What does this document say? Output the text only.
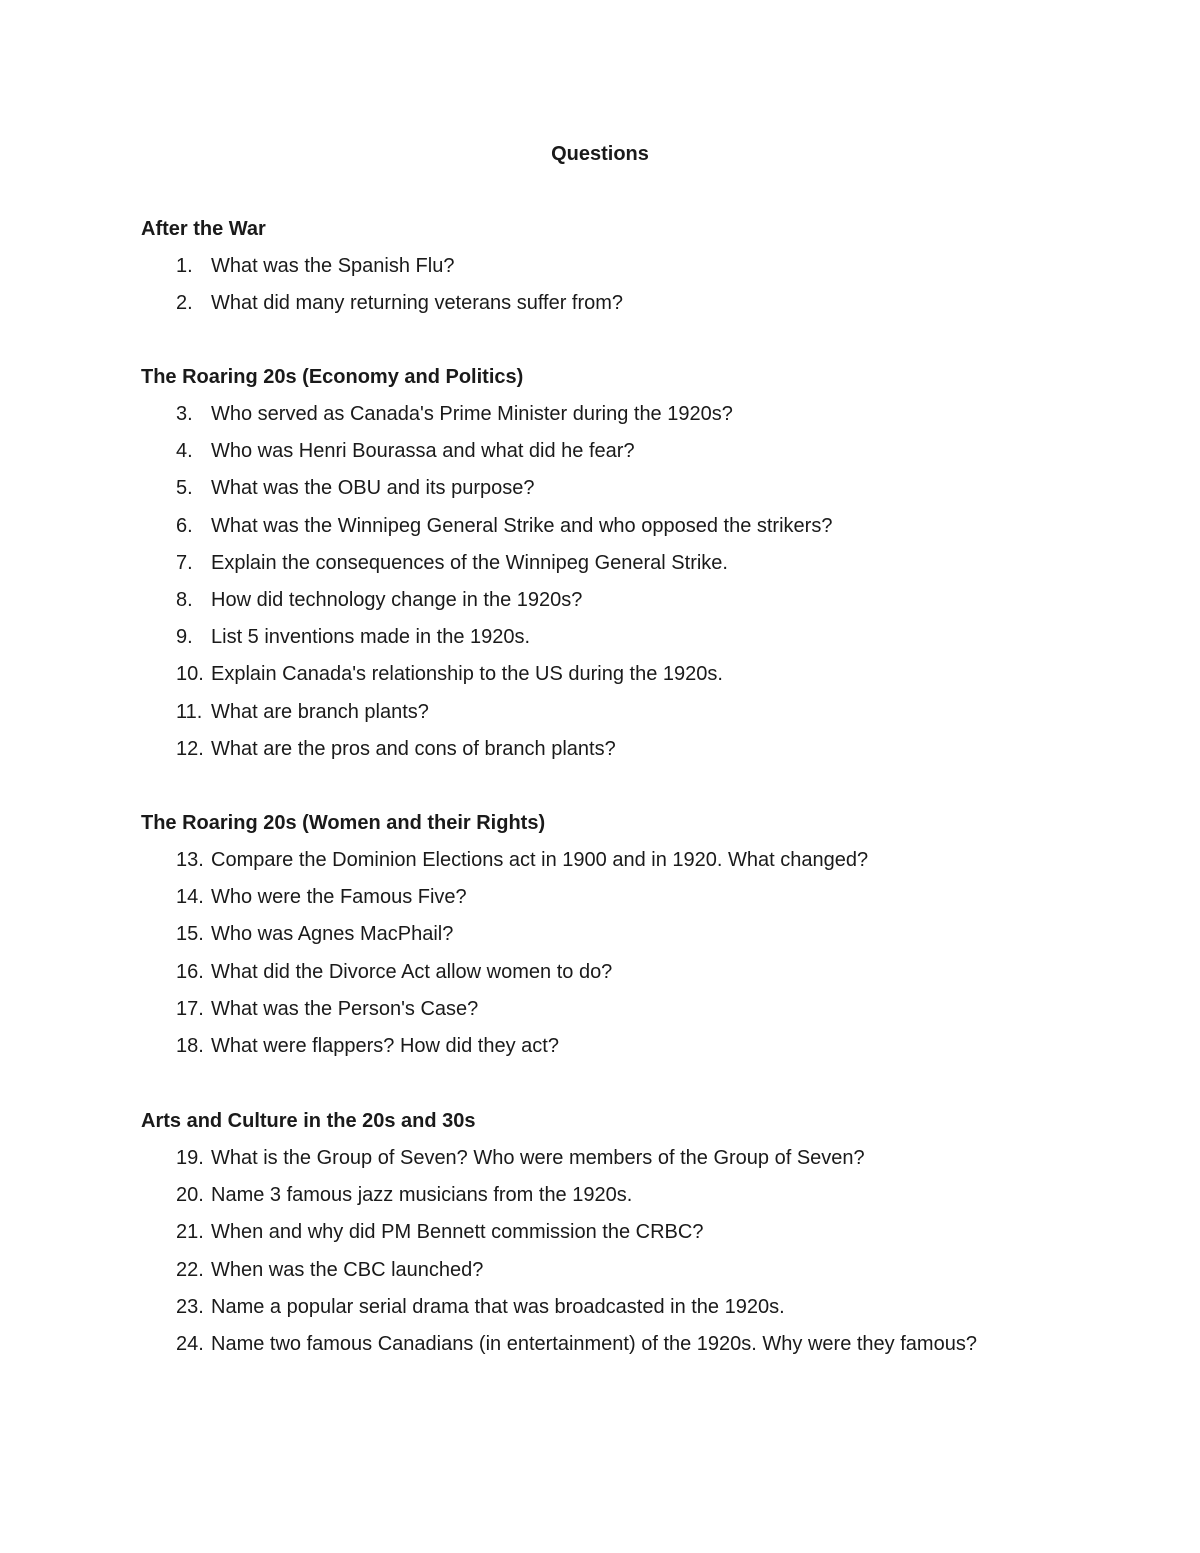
Questions
After the War
1. What was the Spanish Flu?
2. What did many returning veterans suffer from?
The Roaring 20s (Economy and Politics)
3. Who served as Canada's Prime Minister during the 1920s?
4. Who was Henri Bourassa and what did he fear?
5. What was the OBU and its purpose?
6. What was the Winnipeg General Strike and who opposed the strikers?
7. Explain the consequences of the Winnipeg General Strike.
8. How did technology change in the 1920s?
9. List 5 inventions made in the 1920s.
10. Explain Canada's relationship to the US during the 1920s.
11. What are branch plants?
12. What are the pros and cons of branch plants?
The Roaring 20s (Women and their Rights)
13. Compare the Dominion Elections act in 1900 and in 1920. What changed?
14. Who were the Famous Five?
15. Who was Agnes MacPhail?
16. What did the Divorce Act allow women to do?
17. What was the Person's Case?
18. What were flappers? How did they act?
Arts and Culture in the 20s and 30s
19. What is the Group of Seven? Who were members of the Group of Seven?
20. Name 3 famous jazz musicians from the 1920s.
21. When and why did PM Bennett commission the CRBC?
22. When was the CBC launched?
23. Name a popular serial drama that was broadcasted in the 1920s.
24. Name two famous Canadians (in entertainment) of the 1920s. Why were they famous?
